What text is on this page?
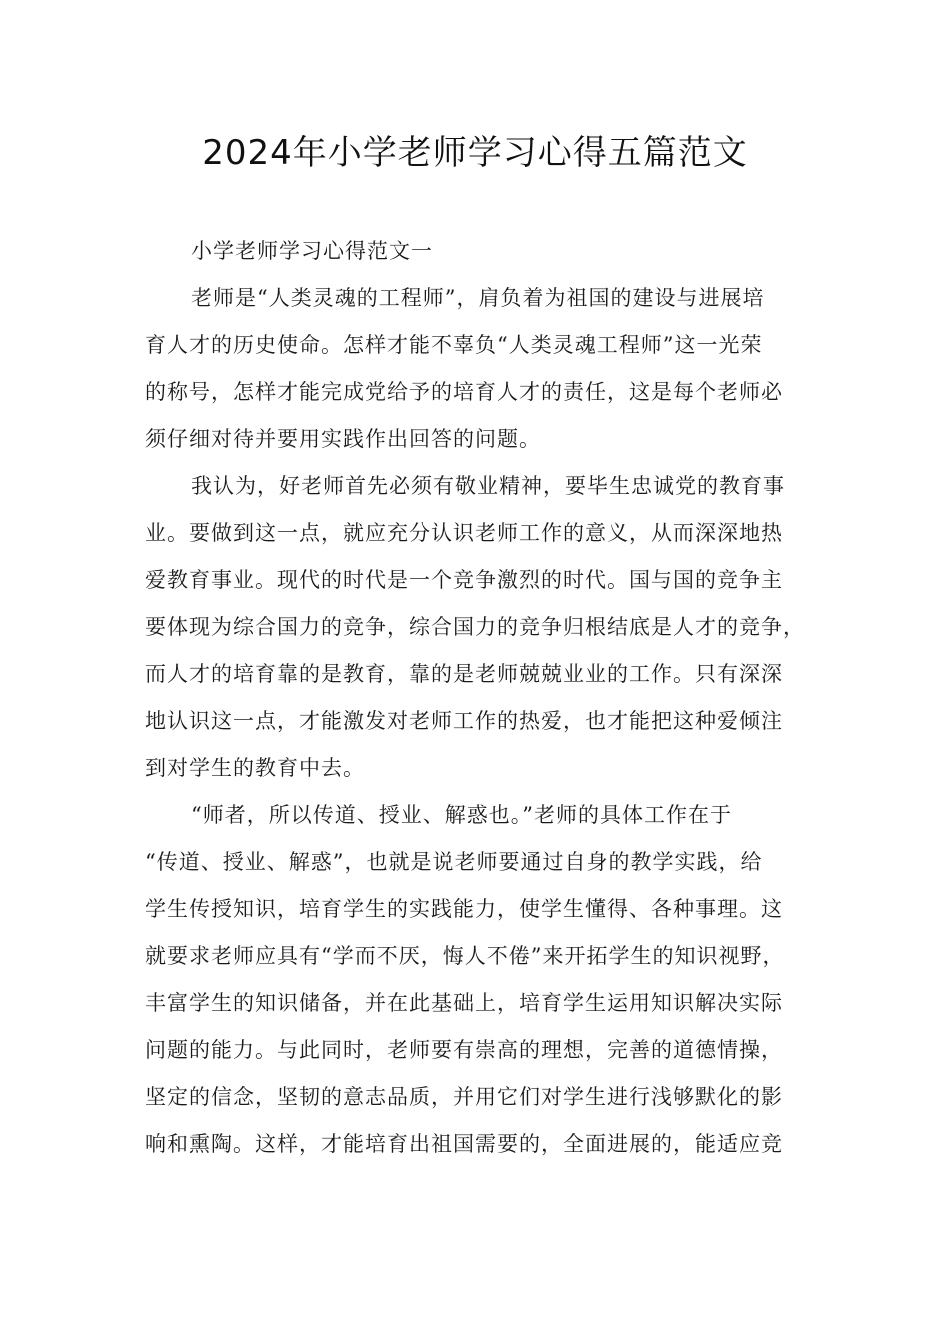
2024年小学老师学习心得五篇范文
小学老师学习心得范文一
老师是“人类灵魂的工程师”，肩负着为祖国的建设与进展培
育人才的历史使命。怎样才能不辜负“人类灵魂工程师”这一光荣
的称号，怎样才能完成党给予的培育人才的责任，这是每个老师必
须仔细对待并要用实践作出回答的问题。
我认为，好老师首先必须有敬业精神，要毕生忠诚党的教育事
业。要做到这一点，就应充分认识老师工作的意义，从而深深地热
爱教育事业。现代的时代是一个竞争激烈的时代。国与国的竞争主
要体现为综合国力的竞争，综合国力的竞争归根结底是人才的竞争，
而人才的培育靠的是教育，靠的是老师兢兢业业的工作。只有深深
地认识这一点，才能激发对老师工作的热爱，也才能把这种爱倾注
到对学生的教育中去。
“师者，所以传道、授业、解惑也。”老师的具体工作在于
“传道、授业、解惑”，也就是说老师要通过自身的教学实践，给
学生传授知识，培育学生的实践能力，使学生懂得、各种事理。这
就要求老师应具有“学而不厌，悔人不倦”来开拓学生的知识视野，
丰富学生的知识储备，并在此基础上，培育学生运用知识解决实际
问题的能力。与此同时，老师要有崇高的理想，完善的道德情操，
坚定的信念，坚韧的意志品质，并用它们对学生进行浅够默化的影
响和熏陶。这样，才能培育出祖国需要的，全面进展的，能适应竞
